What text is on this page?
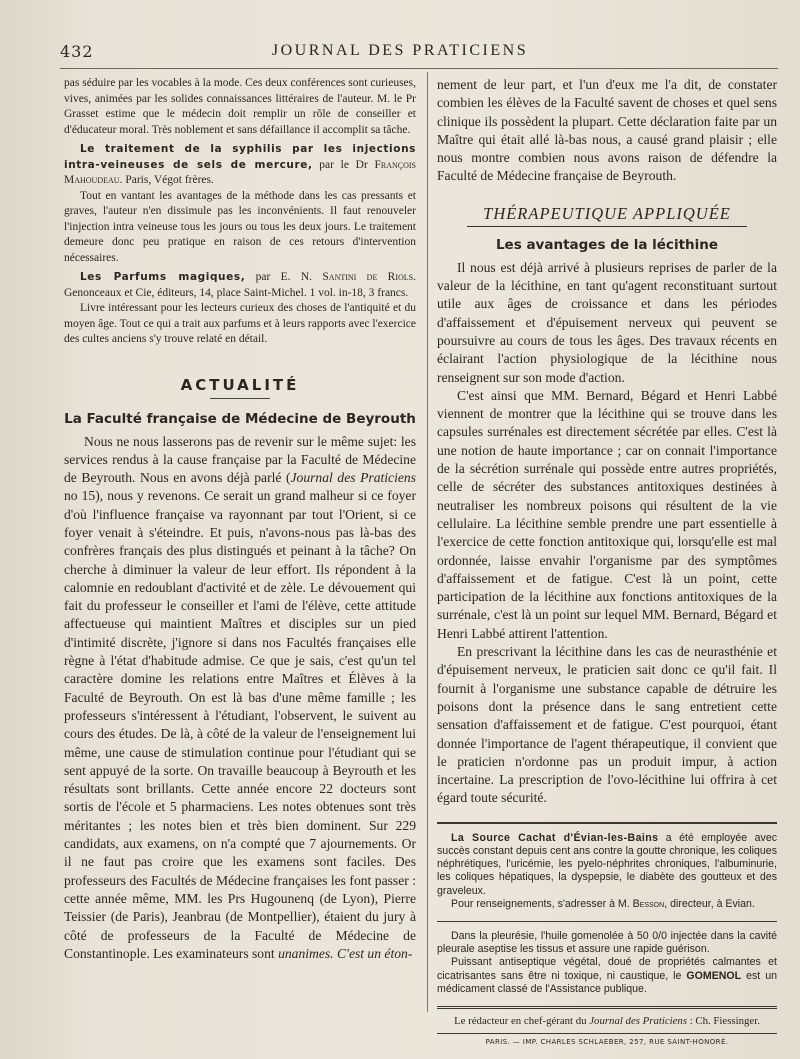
432	JOURNAL DES PRATICIENS

pas séduire par les vocables à la mode. Ces deux conférences sont curieuses, vives, animées par les solides connaissances littéraires de l'auteur. M. le Pr Grasset estime que le médecin doit remplir un rôle de conseiller et d'éducateur moral. Très noblement et sans défaillance il accomplit sa tâche.

Le traitement de la syphilis par les injections intra-veineuses de sels de mercure, par le Dr François Mahoudeau. Paris, Végot frères.

Tout en vantant les avantages de la méthode dans les cas pressants et graves, l'auteur n'en dissimule pas les inconvénients. Il faut renouveler l'injection intra veineuse tous les jours ou tous les deux jours. Le traitement demeure donc peu pratique en raison de ces retours d'intervention nécessaires.

Les Parfums magiques, par E. N. Santini de Riols. Genonceaux et Cie, éditeurs, 14, place Saint-Michel. 1 vol. in-18, 3 francs.

Livre intéressant pour les lecteurs curieux des choses de l'antiquité et du moyen âge. Tout ce qui a trait aux parfums et à leurs rapports avec l'exercice des cultes anciens s'y trouve relaté en détail.

ACTUALITÉ
La Faculté française de Médecine de Beyrouth

Nous ne nous lasserons pas de revenir sur le même sujet: les services rendus à la cause française par la Faculté de Médecine de Beyrouth. Nous en avons déjà parlé (Journal des Praticiens no 15), nous y revenons. Ce serait un grand malheur si ce foyer d'où l'influence française va rayonnant par tout l'Orient, si ce foyer venait à s'éteindre. Et puis, n'avons-nous pas là-bas des confrères français des plus distingués et peinant à la tâche? On cherche à diminuer la valeur de leur effort. Ils répondent à la calomnie en redoublant d'activité et de zèle. Le dévouement qui fait du professeur le conseiller et l'ami de l'élève, cette attitude affectueuse qui maintient Maîtres et disciples sur un pied d'intimité discrète, j'ignore si dans nos Facultés françaises elle règne à l'état d'habitude admise. Ce que je sais, c'est qu'un tel caractère domine les relations entre Maîtres et Élèves à la Faculté de Beyrouth. On est là bas d'une même famille ; les professeurs s'intéressent à l'étudiant, l'observent, le suivent au cours des études. De là, à côté de la valeur de l'enseignement lui même, une cause de stimulation continue pour l'étudiant qui se sent appuyé de la sorte. On travaille beaucoup à Beyrouth et les résultats sont brillants. Cette année encore 22 docteurs sont sortis de l'école et 5 pharmaciens. Les notes obtenues sont très méritantes ; les notes bien et très bien dominent. Sur 229 candidats, aux examens, on n'a compté que 7 ajournements. Or il ne faut pas croire que les examens sont faciles. Des professeurs des Facultés de Médecine françaises les font passer : cette année même, MM. les Prs Hugounenq (de Lyon), Pierre Teissier (de Paris), Jeanbrau (de Montpellier), étaient du jury à côté de professeurs de la Faculté de Médecine de Constantinople. Les examinateurs sont unanimes. C'est un éton-

nement de leur part, et l'un d'eux me l'a dit, de constater combien les élèves de la Faculté savent de choses et quel sens clinique ils possèdent la plupart. Cette déclaration faite par un Maître qui était allé là-bas nous, a causé grand plaisir ; elle nous montre combien nous avons raison de défendre la Faculté de Médecine française de Beyrouth.

THÉRAPEUTIQUE APPLIQUÉE
Les avantages de la lécithine

Il nous est déjà arrivé à plusieurs reprises de parler de la valeur de la lécithine, en tant qu'agent reconstituant surtout utile aux âges de croissance et dans les périodes d'affaissement et d'épuisement nerveux qui peuvent se poursuivre au cours de tous les âges. Des travaux récents en éclairant l'action physiologique de la lécithine nous renseignent sur son mode d'action.

C'est ainsi que MM. Bernard, Bégard et Henri Labbé viennent de montrer que la lécithine qui se trouve dans les capsules surrénales est directement sécrétée par elles. C'est là une notion de haute importance ; car on connait l'importance de la sécrétion surrénale qui possède entre autres propriétés, celle de sécréter des substances antitoxiques destinées à neutraliser les nombreux poisons qui résultent de la vie cellulaire. La lécithine semble prendre une part essentielle à l'exercice de cette fonction antitoxique qui, lorsqu'elle est mal ordonnée, laisse envahir l'organisme par des symptômes d'affaissement et de fatigue. C'est là un point, cette participation de la lécithine aux fonctions antitoxiques de la surrénale, c'est là un point sur lequel MM. Bernard, Bégard et Henri Labbé attirent l'attention.

En prescrivant la lécithine dans les cas de neurasthénie et d'épuisement nerveux, le praticien sait donc ce qu'il fait. Il fournit à l'organisme une substance capable de détruire les poisons dont la présence dans le sang entretient cette sensation d'affaissement et de fatigue. C'est pourquoi, étant donnée l'importance de l'agent thérapeutique, il convient que le praticien n'ordonne pas un produit impur, à action incertaine. La prescription de l'ovo-lécithine lui offrira à cet égard toute sécurité.

La Source Cachat d'Évian-les-Bains a été employée avec succès constant depuis cent ans contre la goutte chronique, les coliques néphrétiques, l'uricémie, les pyelo-néphrites chroniques, l'albuminurie, les coliques hépatiques, la dyspepsie, le diabète des goutteux et des graveleux.

Pour renseignements, s'adresser à M. Besson, directeur, à Evian.

Dans la pleurésie, l'huile gomenolée à 50 0/0 injectée dans la cavité pleurale aseptise les tissus et assure une rapide guérison.

Puissant antiseptique végétal, doué de propriétés calmantes et cicatrisantes sans être ni toxique, ni caustique, le GOMENOL est un médicament classé de l'Assistance publique.

Le rédacteur en chef-gérant du Journal des Praticiens : Ch. Fiessinger.
PARIS. — IMP. CHARLES SCHLAEBER, 257, RUE SAINT-HONORÉ.
